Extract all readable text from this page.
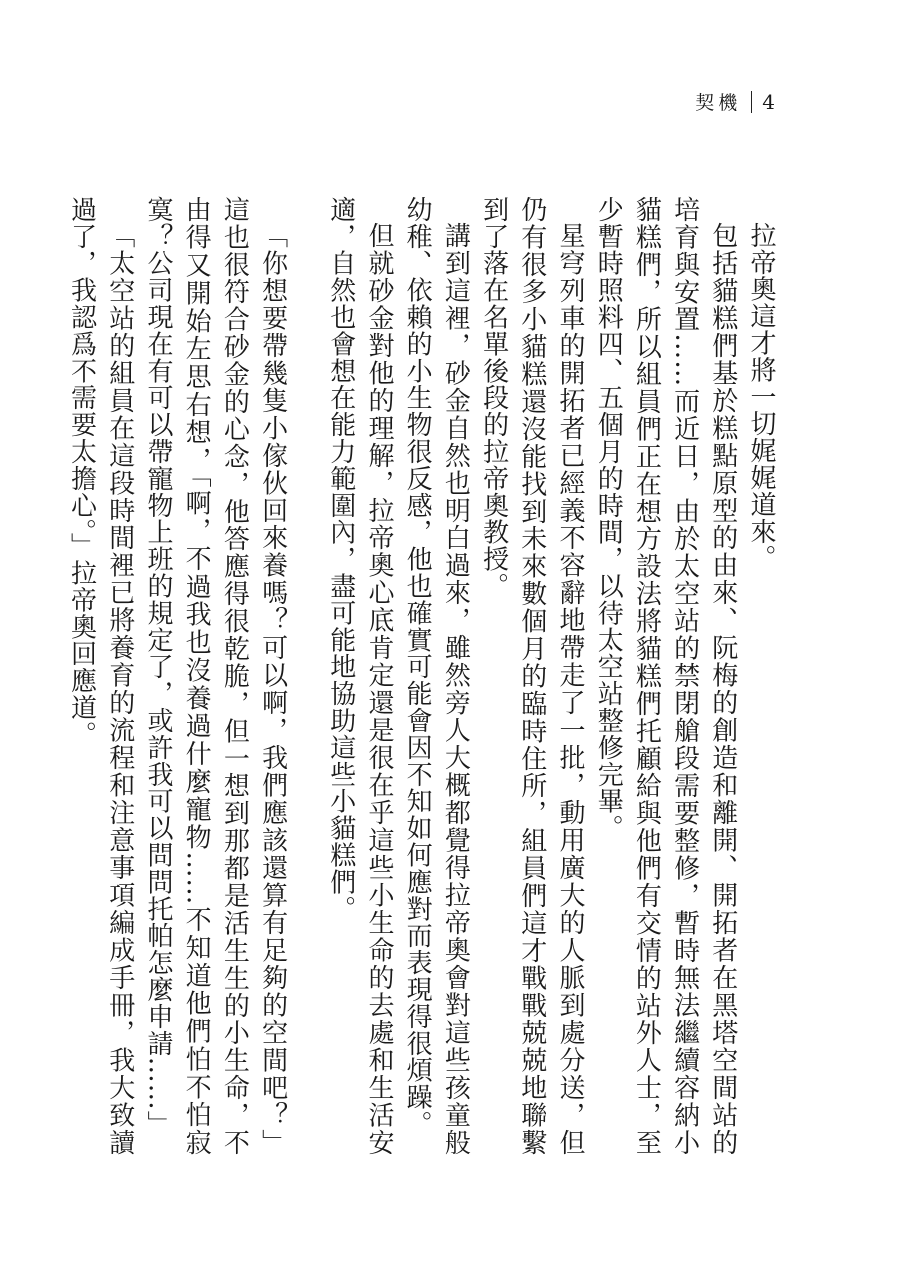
契機 4

拉帝奧這才將一切娓娓道來。

包括貓糕們基於糕點原型的由來、阮梅的創造和離開、開拓者在黑塔空間站的培育與安置……而近日，由於太空站的禁閉艙段需要整修，暫時無法繼續容納小貓糕們，所以組員們正在想方設法將貓糕們托顧給與他們有交情的站外人士，至少暫時照料四、五個月的時間，以待太空站整修完畢。

星穹列車的開拓者已經義不容辭地帶走了一批，動用廣大的人脈到處分送，但仍有很多小貓糕還沒能找到未來數個月的臨時住所，組員們這才戰戰兢兢地聯繫到了落在名單後段的拉帝奧教授。

講到這裡，砂金自然也明白過來，雖然旁人大概都覺得拉帝奧會對這些孩童般幼稚、依賴的小生物很反感，他也確實可能會因不知如何應對而表現得很煩躁。

但就砂金對他的理解，拉帝奧心底肯定還是很在乎這些小生命的去處和生活安適，自然也會想在能力範圍內，盡可能地協助這些小貓糕們。

「你想要帶幾隻小傢伙回來養嗎？可以啊，我們應該還算有足夠的空間吧？」這也很符合砂金的心念，他答應得很乾脆，但一想到那都是活生生的小生命，不由得又開始左思右想，「啊，不過我也沒養過什麼寵物……不知道他們怕不怕寂寞？公司現在有可以帶寵物上班的規定了，或許我可以問問托帕怎麼申請……」

「太空站的組員在這段時間裡已將養育的流程和注意事項編成手冊，我大致讀過了，我認爲不需要太擔心。」拉帝奧回應道。
